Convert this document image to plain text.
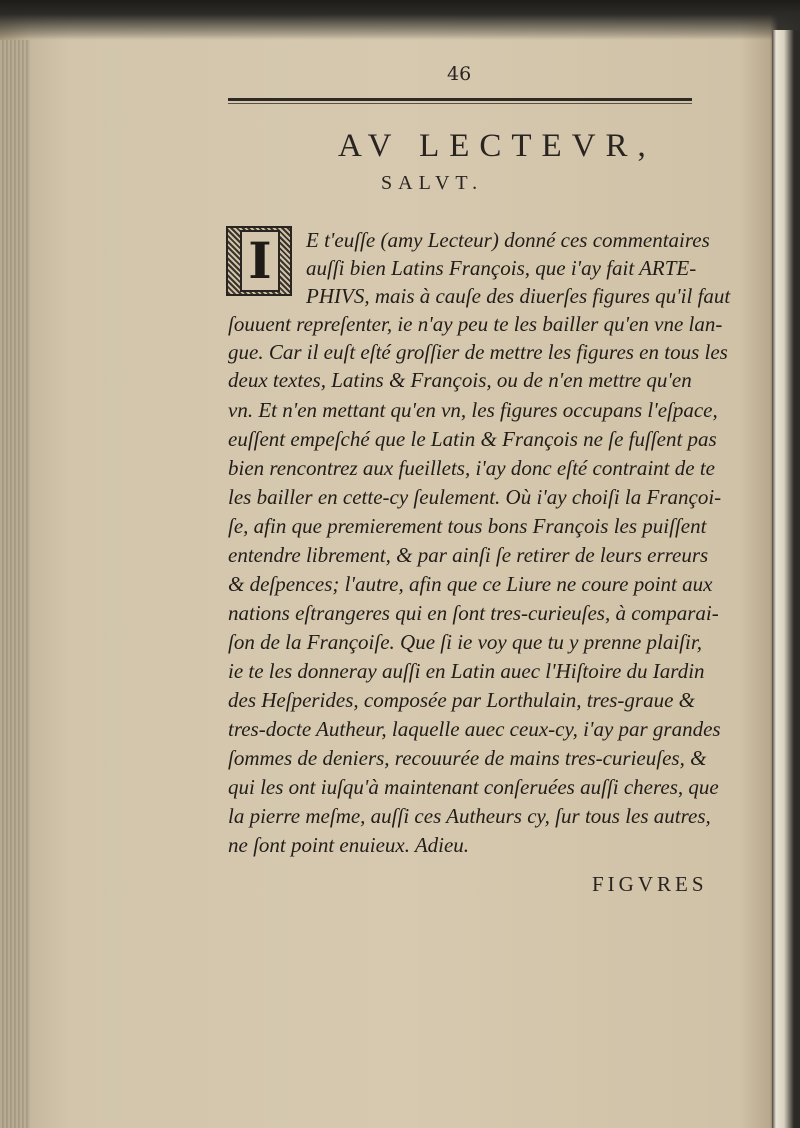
46
AV LECTEVR,
SALVT.
I	E t'euſſe (amy Lecteur) donné ces commentaires
auſſi bien Latins François, que i'ay fait ARTE-
PHIVS, mais à cauſe des diuerſes figures qu'il faut
ſouuent repreſenter, ie n'ay peu te les bailler qu'en vne lan-
gue. Car il euſt eſté groſſier de mettre les figures en tous les
deux textes, Latins & François, ou de n'en mettre qu'en
vn. Et n'en mettant qu'en vn, les figures occupans l'eſpace,
euſſent empeſché que le Latin & François ne ſe fuſſent pas
bien rencontrez aux fueillets, i'ay donc eſté contraint de te
les bailler en cette-cy ſeulement. Où i'ay choiſi la Françoi-
ſe, afin que premierement tous bons François les puiſſent
entendre librement, & par ainſi ſe retirer de leurs erreurs
& deſpences; l'autre, afin que ce Liure ne coure point aux
nations eſtrangeres qui en ſont tres-curieuſes, à comparai-
ſon de la Françoiſe. Que ſi ie voy que tu y prenne plaiſir,
ie te les donneray auſſi en Latin auec l'Hiſtoire du Iardin
des Heſperides, composée par Lorthulain, tres-graue &
tres-docte Autheur, laquelle auec ceux-cy, i'ay par grandes
ſommes de deniers, recouurée de mains tres-curieuſes, &
qui les ont iuſqu'à maintenant conſeruées auſſi cheres, que
la pierre meſme, auſſi ces Autheurs cy, ſur tous les autres,
ne ſont point enuieux. Adieu.
FIGVRES
